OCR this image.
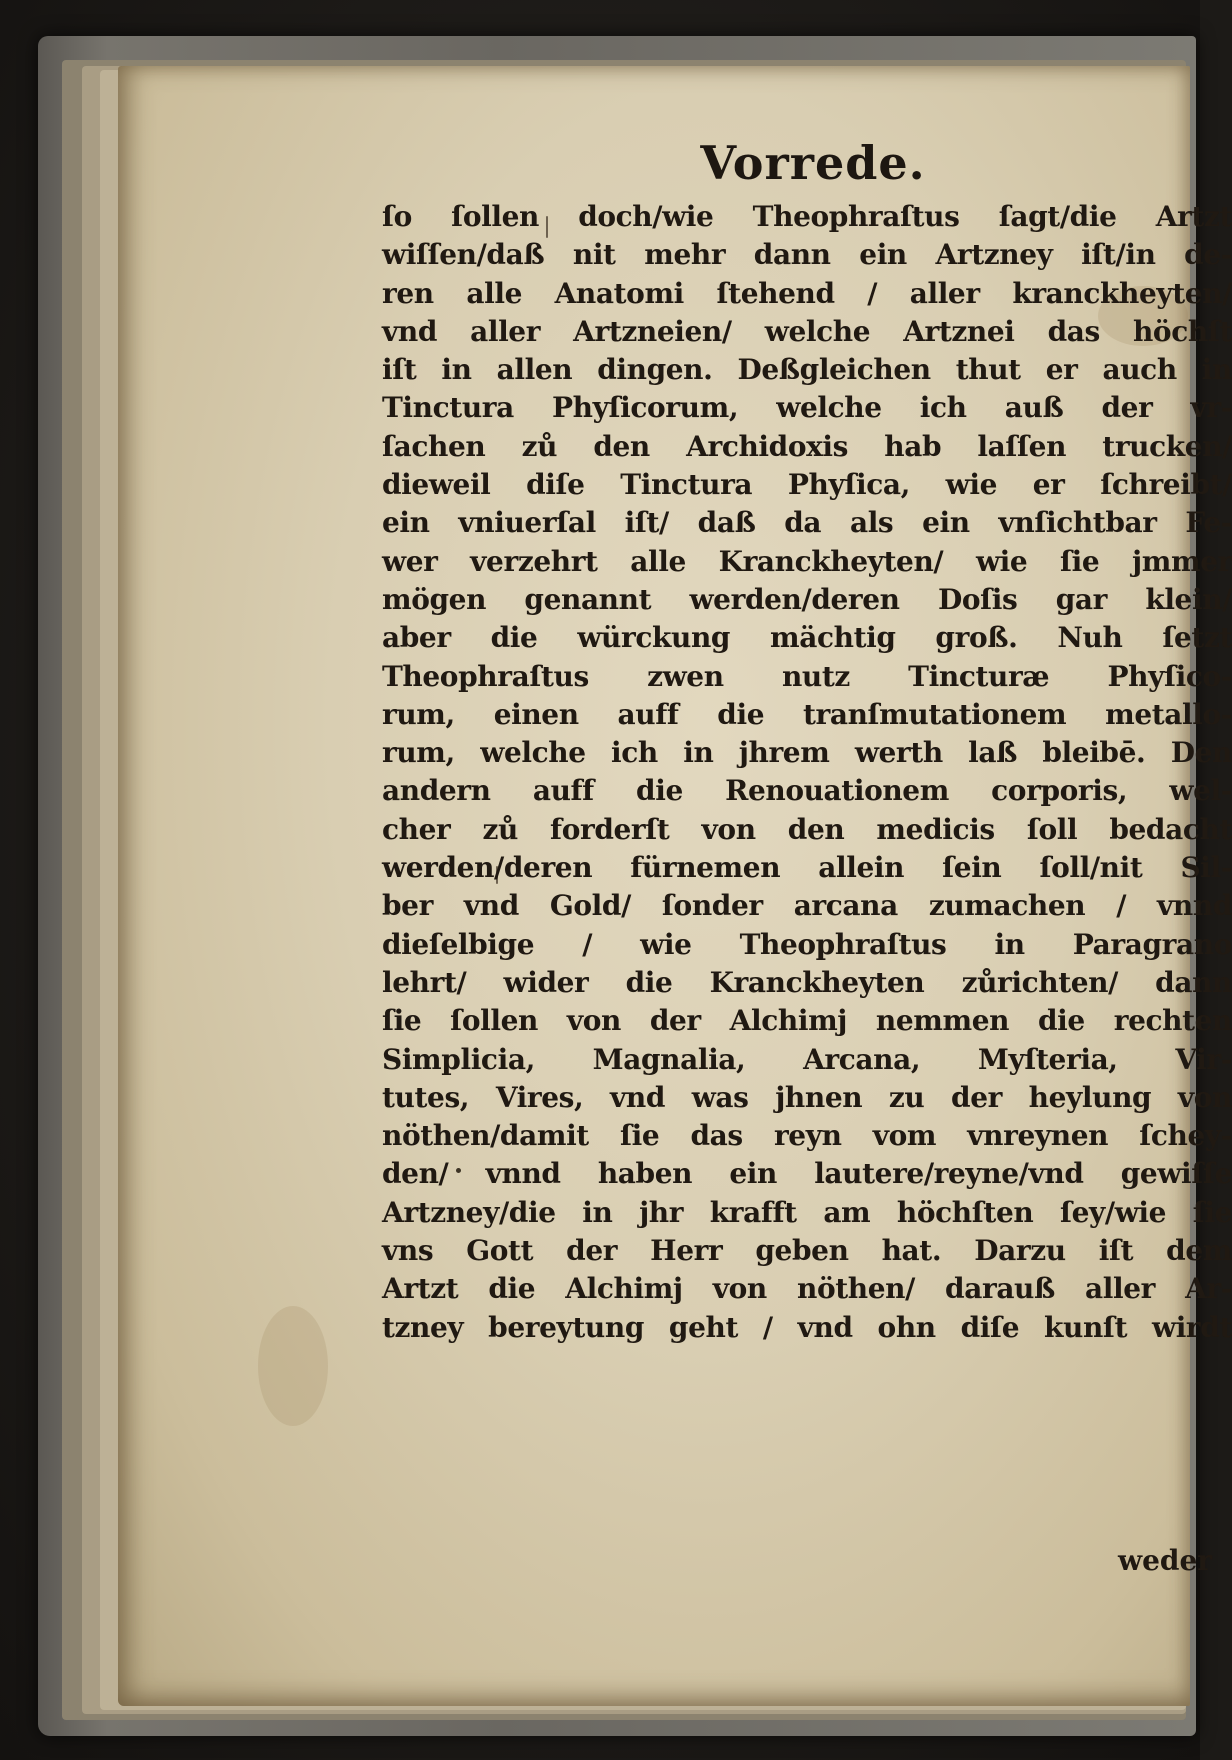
Vorrede.
ſo ſollen doch/wie Theophraſtus ſagt/die Artzt
wiſſen/daß nit mehr dann ein Artzney iſt/in de-
ren alle Anatomi ſtehend / aller kranckheyten/
vnd aller Artzneien/ welche Artznei das höchſt
iſt in allen dingen. Deßgleichen thut er auch in
Tinctura Phyſicorum, welche ich auß der vr-
ſachen zů den Archidoxis hab laſſen trucken/
dieweil diſe Tinctura Phyſica, wie er ſchreibt/
ein vniuerſal iſt/ daß da als ein vnſichtbar Fe-
wer verzehrt alle Kranckheyten/ wie ſie jmmer
mögen genannt werden/deren Doſis gar klein/
aber die würckung mächtig groß. Nuh ſetzt
Theophraſtus zwen nutz Tincturæ Phyſico-
rum, einen auff die tranſmutationem metallo-
rum, welche ich in jhrem werth laß bleibē. Den
andern auff die Renouationem corporis, wel-
cher zů forderſt von den medicis ſoll bedacht
werden/deren fürnemen allein ſein ſoll/nit Sil-
ber vnd Gold/ ſonder arcana zumachen / vnnd
dieſelbige / wie Theophraſtus in Paragrano
lehrt/ wider die Kranckheyten zůrichten/ dann
ſie ſollen von der Alchimj nemmen die rechten
Simplicia, Magnalia, Arcana, Myſteria, Vir-
tutes, Vires, vnd was jhnen zu der heylung von
nöthen/damit ſie das reyn vom vnreynen ſchey-
den/ vnnd haben ein lautere/reyne/vnd gewiſſe
Artzney/die in jhr krafft am höchſten ſey/wie ſie
vns Gott der Herr geben hat. Darzu iſt dem
Artzt die Alchimj von nöthen/ darauß aller Ar-
tzney bereytung geht / vnd ohn diſe kunſt wirdt
weder
